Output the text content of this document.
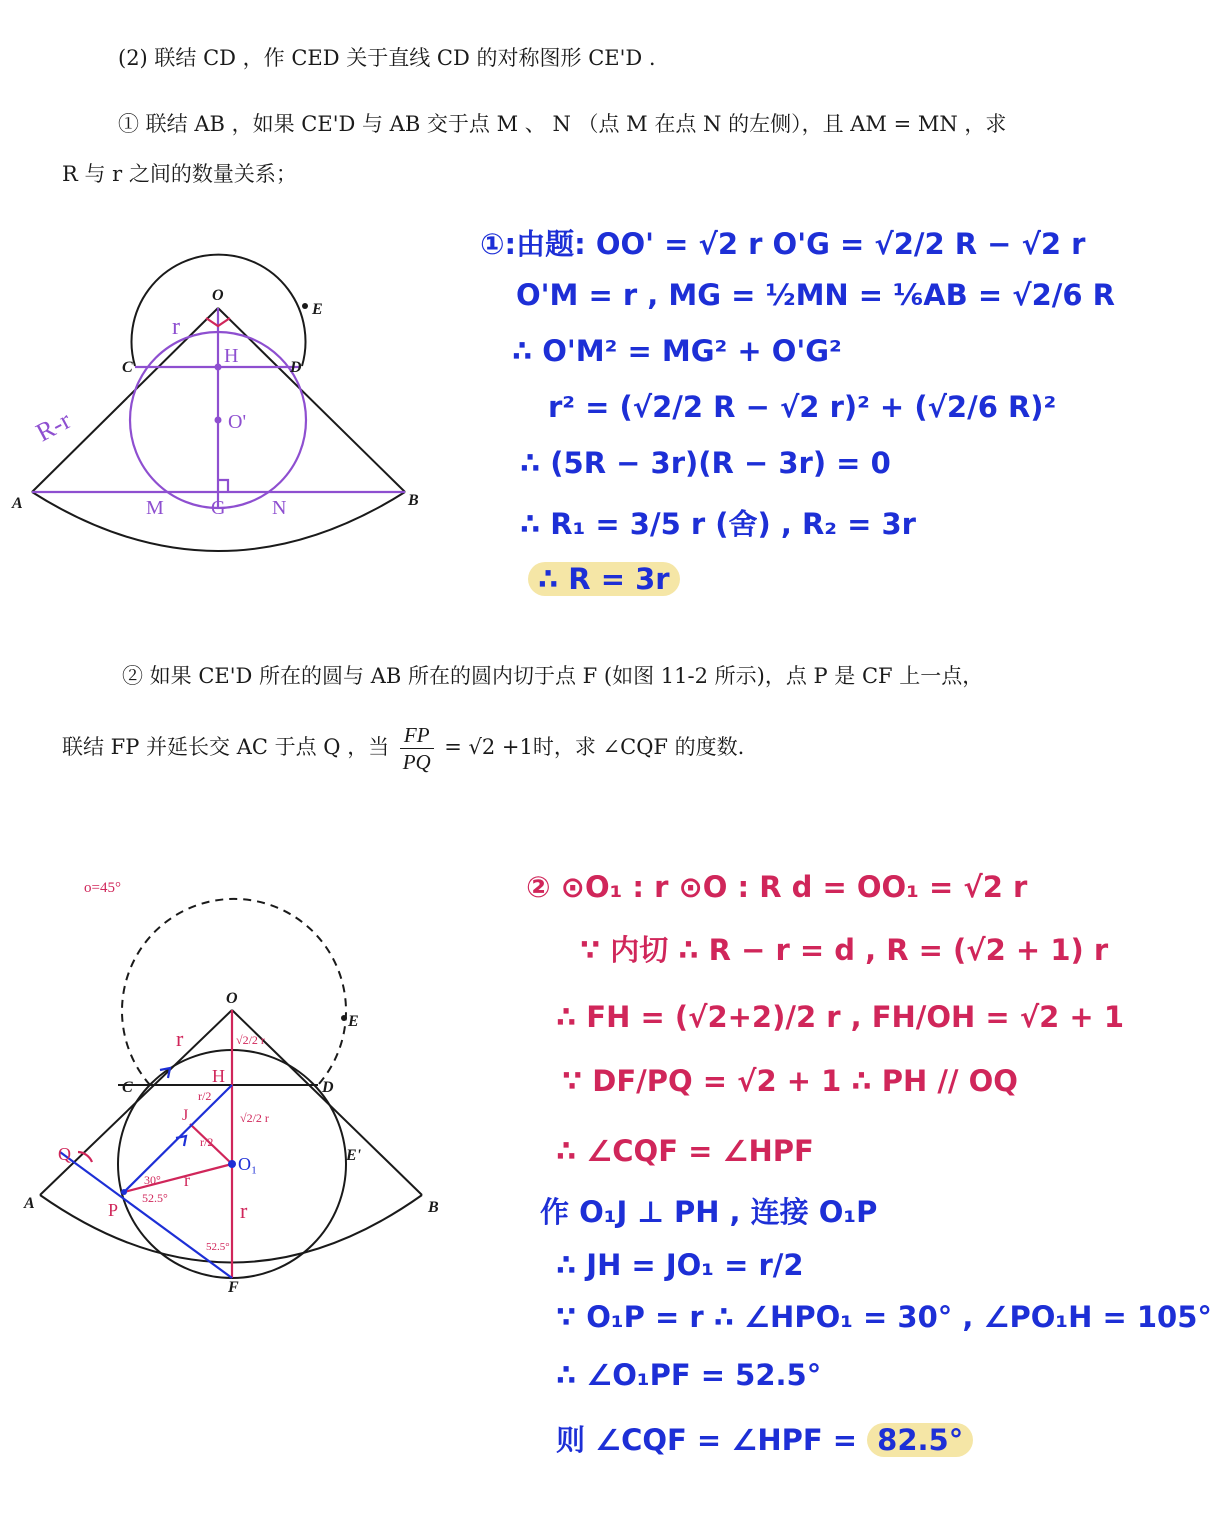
(2) 联结 CD ，作 CED 关于直线 CD 的对称图形 CE'D .
① 联结 AB ，如果 CE'D 与 AB 交于点 M 、 N （点 M 在点 N 的左侧），且 AM = MN ，求
R 与 r 之间的数量关系；
② 如果 CE'D 所在的圆与 AB 所在的圆内切于点 F (如图 11-2 所示)，点 P 是 CF 上一点，
联结 FP 并延长交 AC 于点 Q ，当 $\frac{FP}{PQ} = √2 +1$时，求 ∠CQF 的度数.
O
E
C	D
A	B
H
O'
M G N
r
R-r
①:由题: OO' = √2 r O'G = √2/2 R − √2 r
O'M = r , MG = ½MN = ⅙AB = √2/6 R
∴ O'M² = MG² + O'G²
r² = (√2/2 R − √2 r)² + (√2/6 R)²
∴ (5R − 3r)(R − 3r) = 0
∴ R₁ = 3/5 r (舍) , R₂ = 3r
∴ R = 3r
O
E
E'
C	D
A	B
F
o=45°
H
Q
P
J
r
r
r
√2/2 r
√2/2 r
r/2
r/2
30°
52.5°
52.5°
O₁
② ⊙O₁ : r ⊙O : R d = OO₁ = √2 r
∵ 内切 ∴ R − r = d , R = (√2 + 1) r
∴ FH = (√2+2)/2 r , FH/OH = √2 + 1
∵ DF/PQ = √2 + 1 ∴ PH // OQ
∴ ∠CQF = ∠HPF
作 O₁J ⊥ PH , 连接 O₁P
∴ JH = JO₁ = r/2
∵ O₁P = r ∴ ∠HPO₁ = 30° , ∠PO₁H = 105°
∴ ∠O₁PF = 52.5°
则 ∠CQF = ∠HPF = 82.5°
